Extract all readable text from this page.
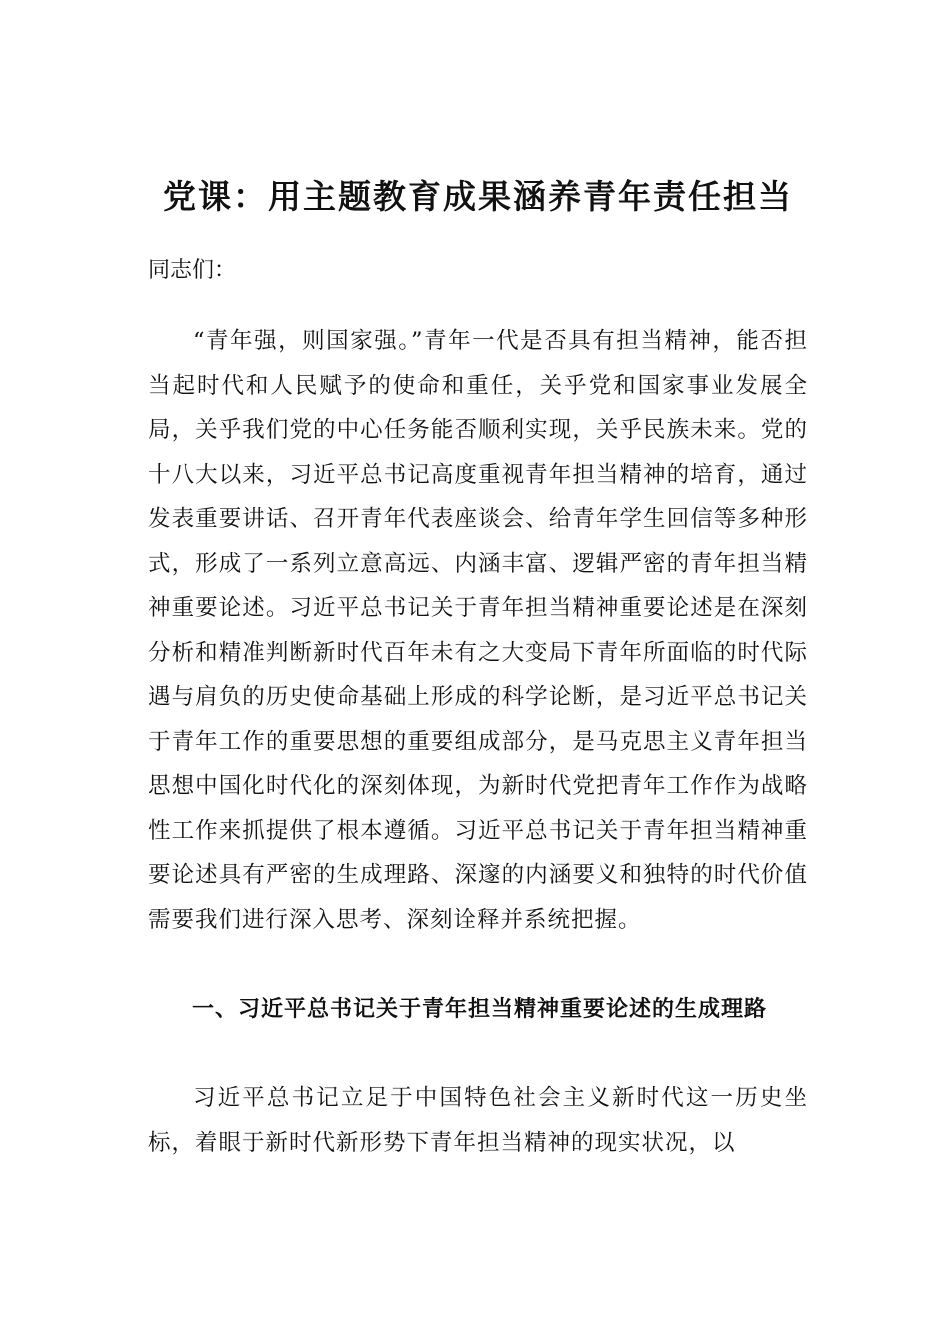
党课：用主题教育成果涵养青年责任担当

同志们：

“青年强，则国家强。”青年一代是否具有担当精神，能否担当起时代和人民赋予的使命和重任，关乎党和国家事业发展全局，关乎我们党的中心任务能否顺利实现，关乎民族未来。党的十八大以来，习近平总书记高度重视青年担当精神的培育，通过发表重要讲话、召开青年代表座谈会、给青年学生回信等多种形式，形成了一系列立意高远、内涵丰富、逻辑严密的青年担当精神重要论述。习近平总书记关于青年担当精神重要论述是在深刻分析和精准判断新时代百年未有之大变局下青年所面临的时代际遇与肩负的历史使命基础上形成的科学论断，是习近平总书记关于青年工作的重要思想的重要组成部分，是马克思主义青年担当思想中国化时代化的深刻体现，为新时代党把青年工作作为战略性工作来抓提供了根本遵循。习近平总书记关于青年担当精神重要论述具有严密的生成理路、深邃的内涵要义和独特的时代价值需要我们进行深入思考、深刻诠释并系统把握。

一、习近平总书记关于青年担当精神重要论述的生成理路

习近平总书记立足于中国特色社会主义新时代这一历史坐标，着眼于新时代新形势下青年担当精神的现实状况，以
